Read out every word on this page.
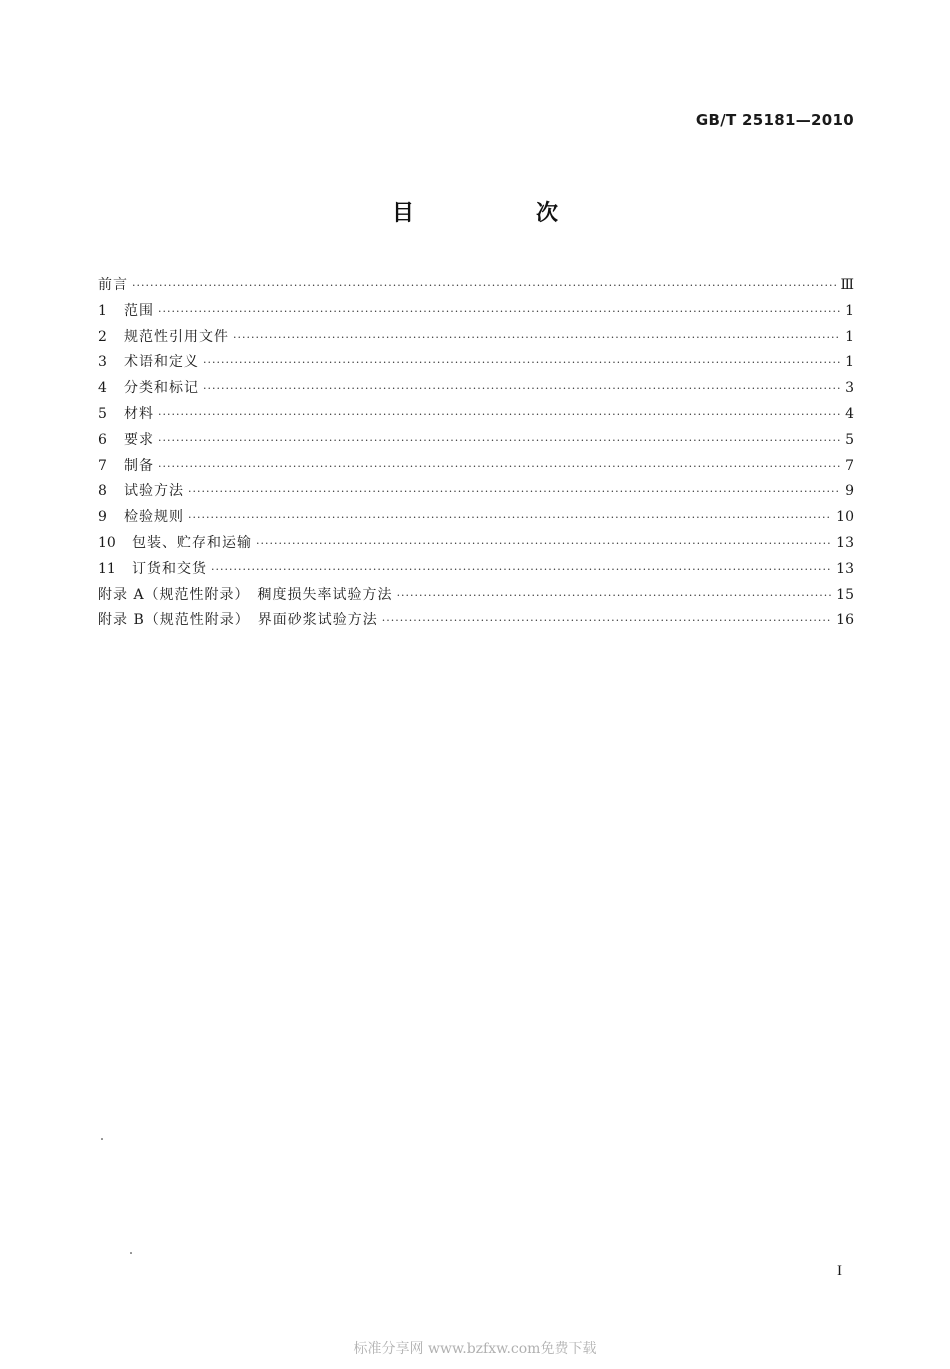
GB/T 25181—2010
目　次
前言 ·····	Ⅲ
1	范围 ·····	1
2	规范性引用文件 ·····	1
3	术语和定义 ·····	1
4	分类和标记 ·····	3
5	材料 ·····	4
6	要求 ·····	5
7	制备 ·····	7
8	试验方法 ·····	9
9	检验规则 ·····	10
10	包装、贮存和运输 ·····	13
11	订货和交货 ·····	13
附录 A（规范性附录）　稠度损失率试验方法 ·····	15
附录 B（规范性附录）　界面砂浆试验方法 ·····	16
I
标准分享网 www.bzfxw.com免费下载
